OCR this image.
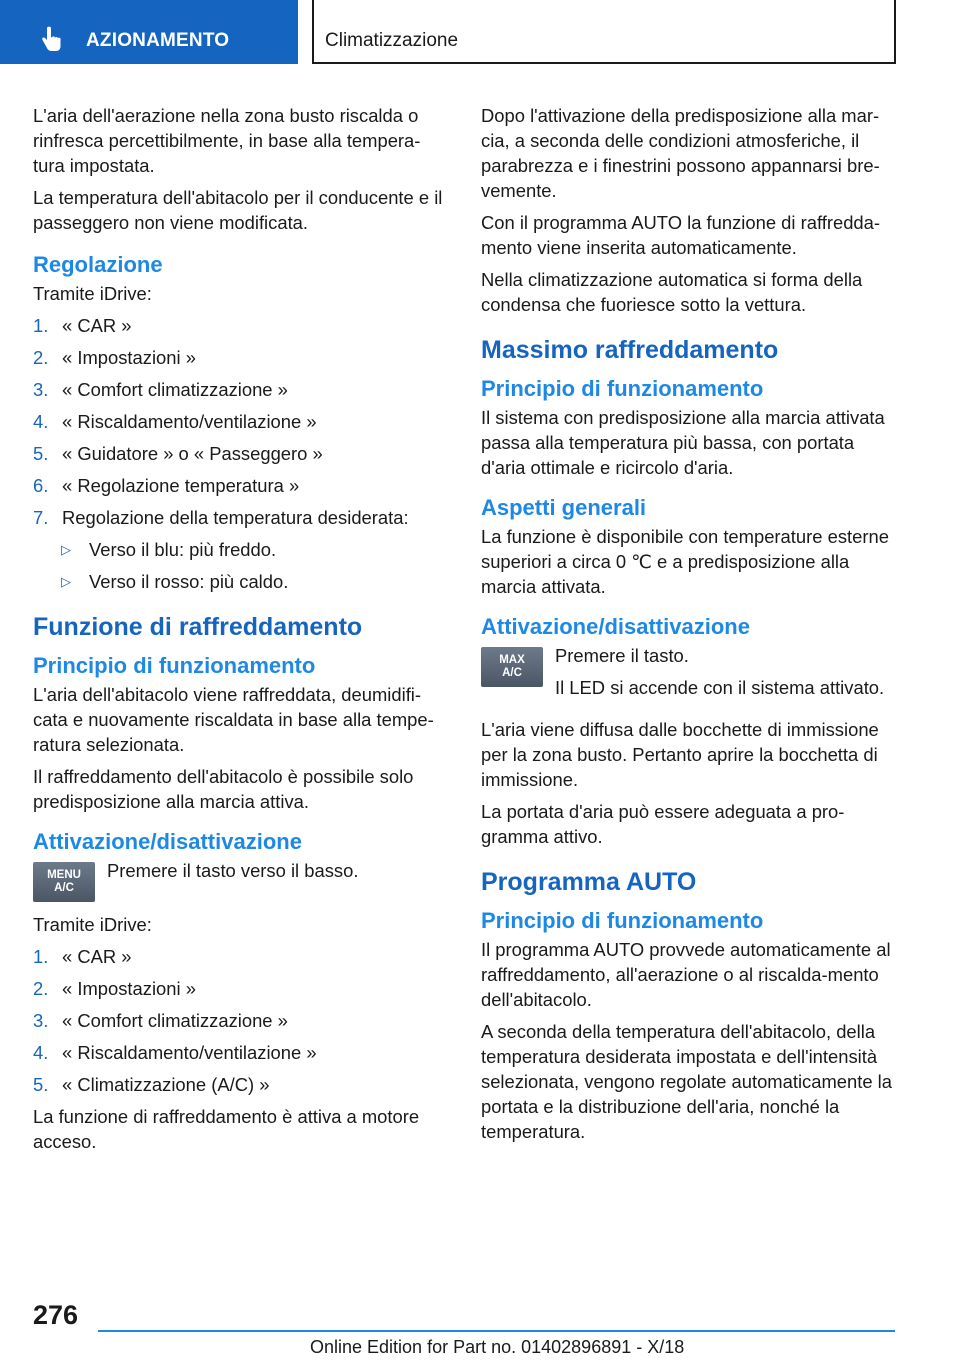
AZIONAMENTO	Climatizzazione

L'aria dell'aerazione nella zona busto riscalda o rinfresca percettibilmente, in base alla tempera-tura impostata.

La temperatura dell'abitacolo per il conducente e il passeggero non viene modificata.

Regolazione

Tramite iDrive:

1. « CAR »
2. « Impostazioni »
3. « Comfort climatizzazione »
4. « Riscaldamento/ventilazione »
5. « Guidatore » o « Passeggero »
6. « Regolazione temperatura »
7. Regolazione della temperatura desiderata:
▷ Verso il blu: più freddo.
▷ Verso il rosso: più caldo.
Funzione di raffreddamento
Principio di funzionamento

L'aria dell'abitacolo viene raffreddata, deumidifi-cata e nuovamente riscaldata in base alla tempe-ratura selezionata.

Il raffreddamento dell'abitacolo è possibile solo predisposizione alla marcia attiva.

Attivazione/disattivazione
MENU
A/C

Premere il tasto verso il basso.

Tramite iDrive:

1. « CAR »
2. « Impostazioni »
3. « Comfort climatizzazione »
4. « Riscaldamento/ventilazione »
5. « Climatizzazione (A/C) »

La funzione di raffreddamento è attiva a motore acceso.

Dopo l'attivazione della predisposizione alla mar-cia, a seconda delle condizioni atmosferiche, il parabrezza e i finestrini possono appannarsi bre-vemente.

Con il programma AUTO la funzione di raffredda-mento viene inserita automaticamente.

Nella climatizzazione automatica si forma della condensa che fuoriesce sotto la vettura.

Massimo raffreddamento
Principio di funzionamento

Il sistema con predisposizione alla marcia attivata passa alla temperatura più bassa, con portata d'aria ottimale e ricircolo d'aria.

Aspetti generali

La funzione è disponibile con temperature esterne superiori a circa 0 ℃ e a predisposizione alla marcia attivata.

Attivazione/disattivazione
MAX
A/C

Premere il tasto.

Il LED si accende con il sistema attivato.

L'aria viene diffusa dalle bocchette di immissione per la zona busto. Pertanto aprire la bocchetta di immissione.

La portata d'aria può essere adeguata a pro-gramma attivo.

Programma AUTO
Principio di funzionamento

Il programma AUTO provvede automaticamente al raffreddamento, all'aerazione o al riscalda-mento dell'abitacolo.

A seconda della temperatura dell'abitacolo, della temperatura desiderata impostata e dell'intensità selezionata, vengono regolate automaticamente la portata e la distribuzione dell'aria, nonché la temperatura.

276
Online Edition for Part no. 01402896891 - X/18
